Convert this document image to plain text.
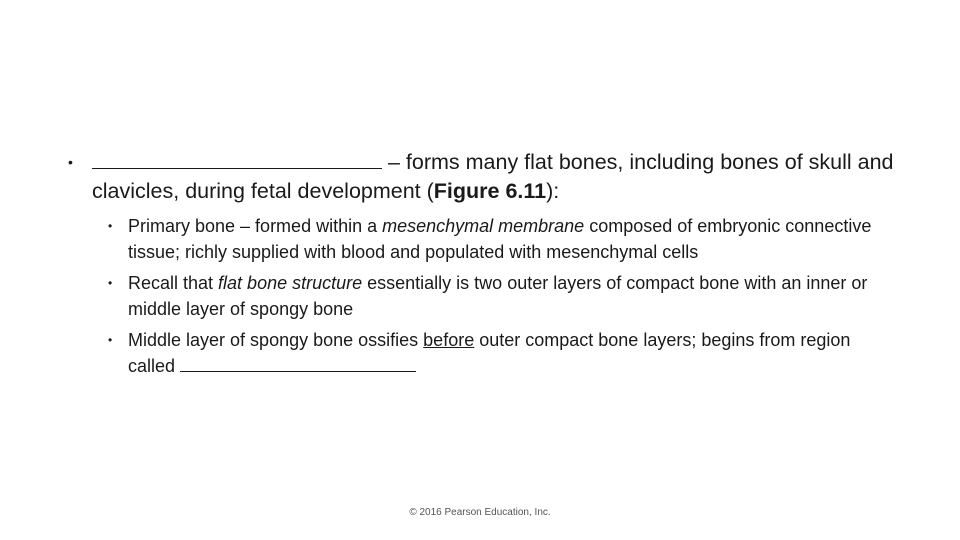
•	– forms many flat bones, including bones of skull and clavicles, during fetal development (Figure 6.11):
• Primary bone – formed within a mesenchymal membrane composed of embryonic connective tissue; richly supplied with blood and populated with mesenchymal cells
• Recall that flat bone structure essentially is two outer layers of compact bone with an inner or middle layer of spongy bone
• Middle layer of spongy bone ossifies before outer compact bone layers; begins from region called
© 2016 Pearson Education, Inc.
